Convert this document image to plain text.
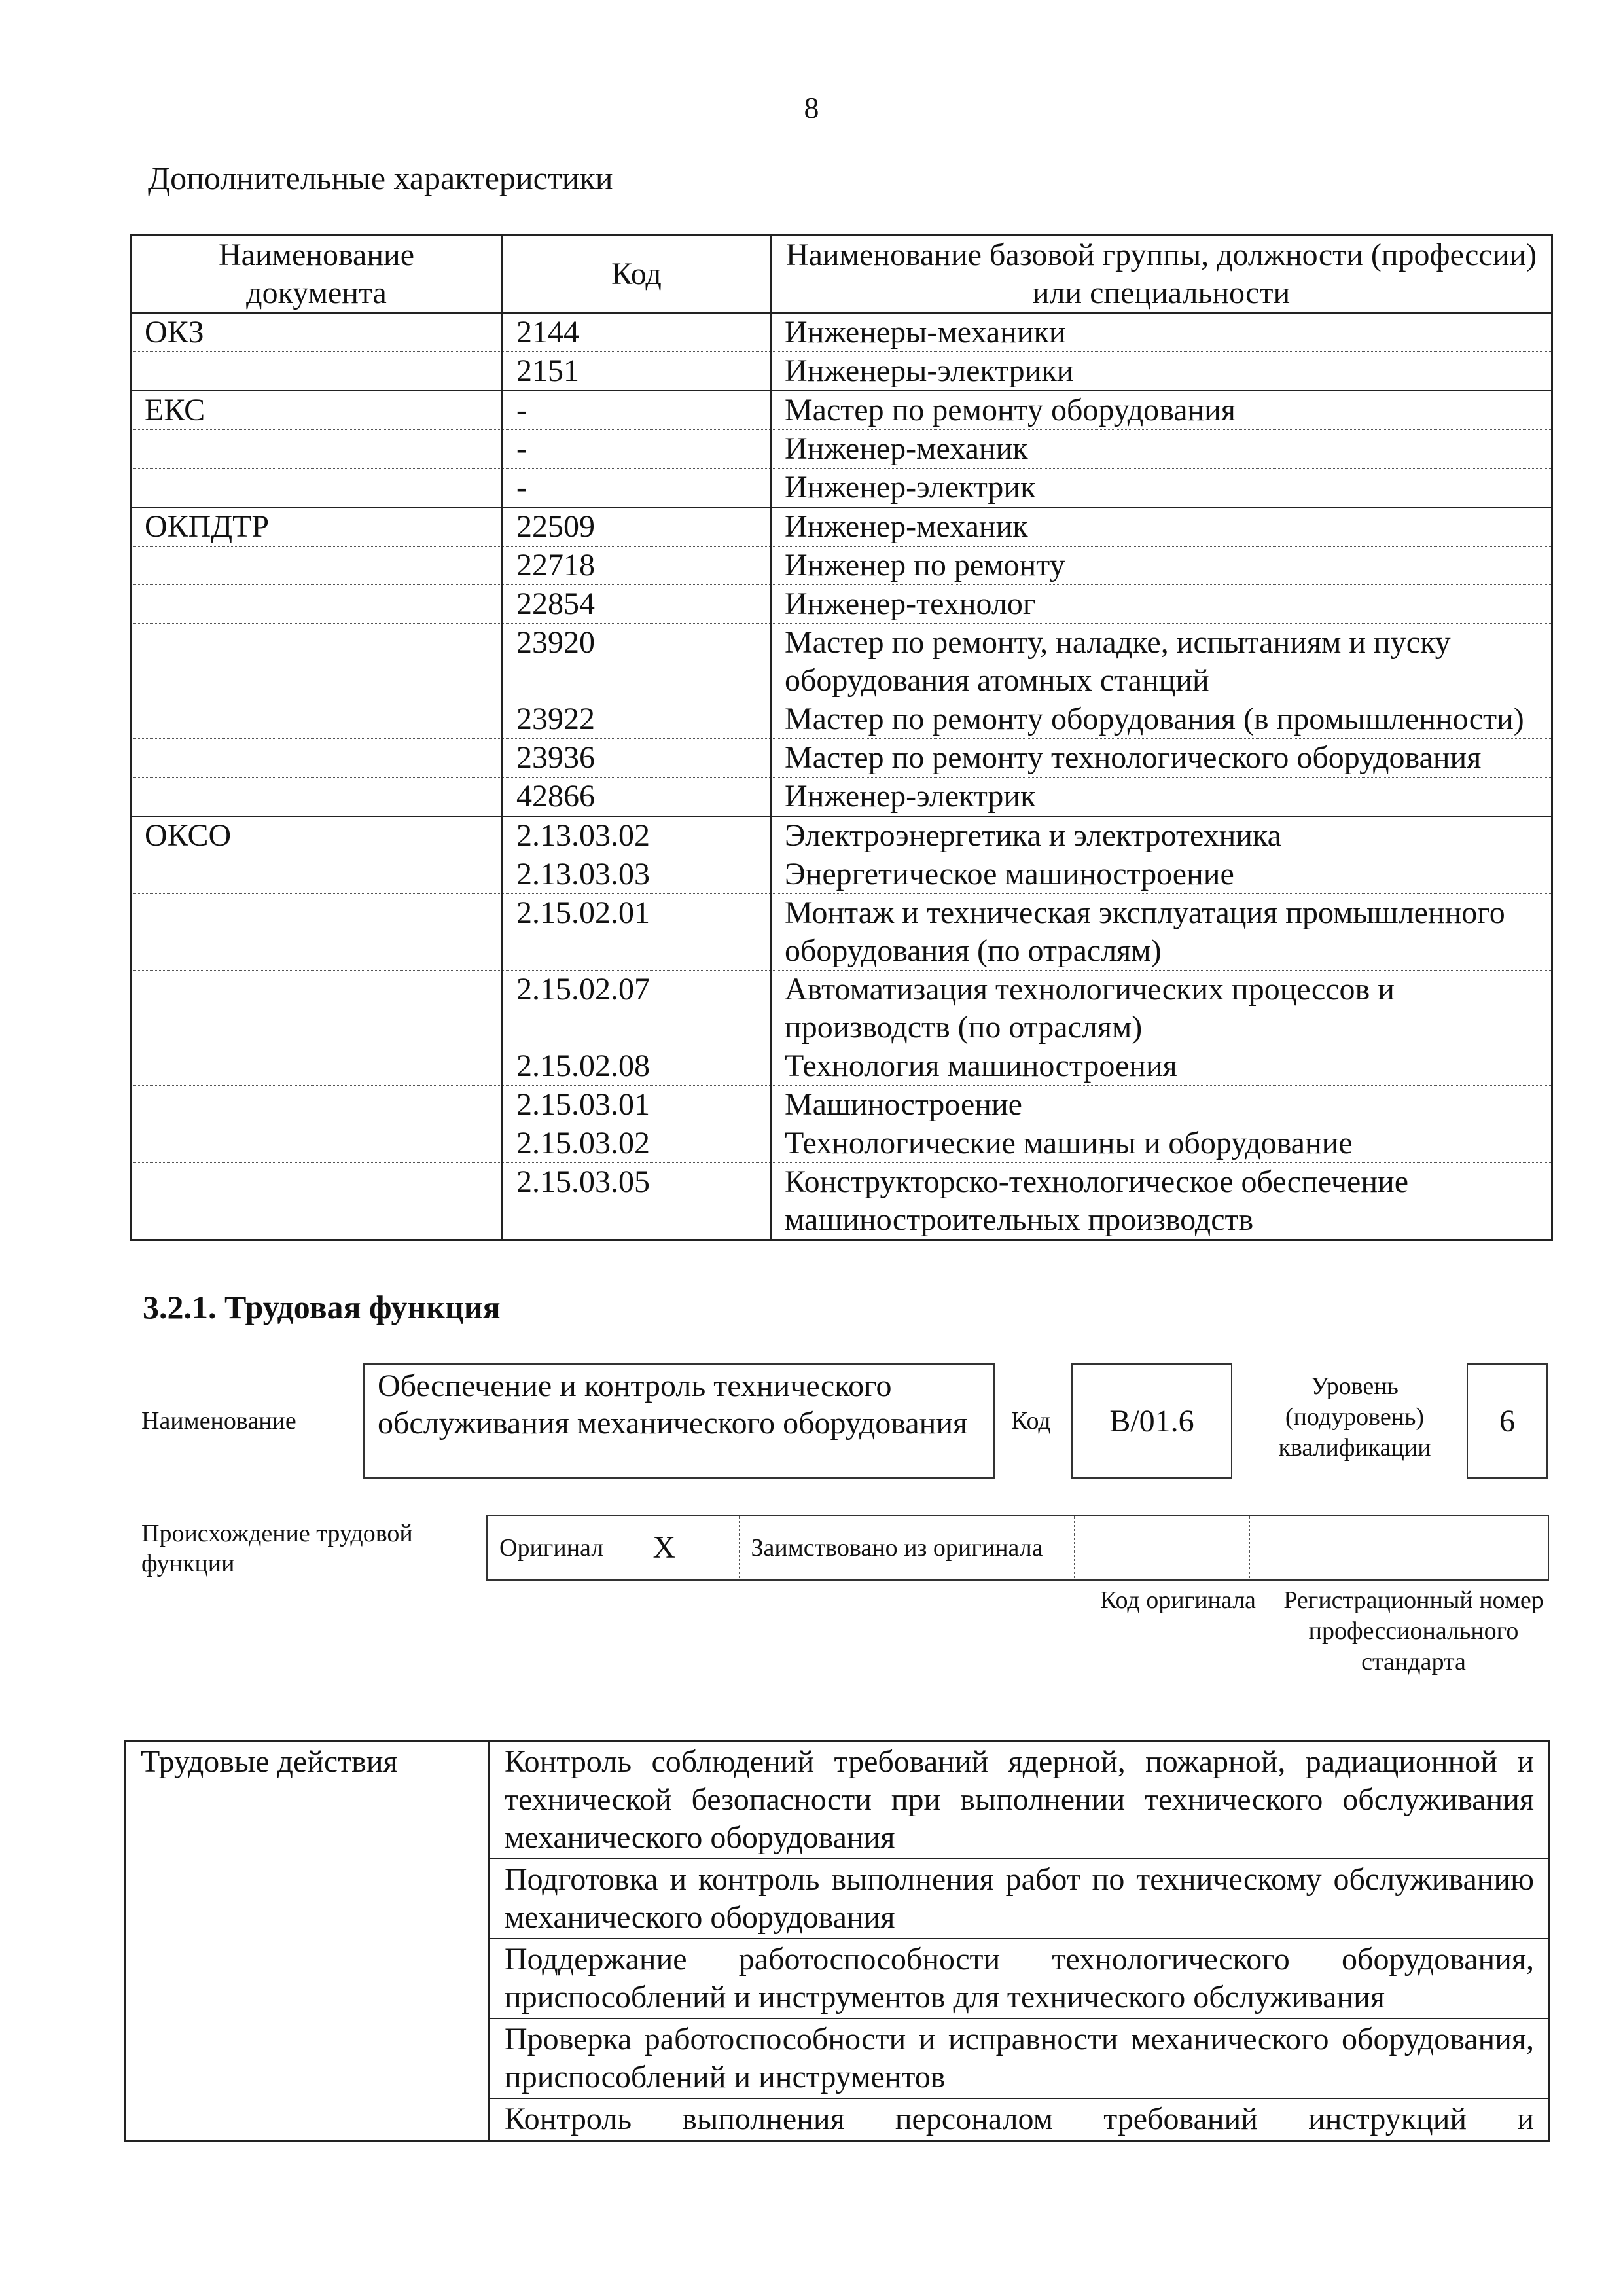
8
Дополнительные характеристики
Наименование документа	Код	Наименование базовой группы, должности (профессии) или специальности
ОКЗ	2144	Инженеры-механики
	2151	Инженеры-электрики
ЕКС	-	Мастер по ремонту оборудования
	-	Инженер-механик
	-	Инженер-электрик
ОКПДТР	22509	Инженер-механик
	22718	Инженер по ремонту
	22854	Инженер-технолог
	23920	Мастер по ремонту, наладке, испытаниям и пуску оборудования атомных станций
	23922	Мастер по ремонту оборудования (в промышленности)
	23936	Мастер по ремонту технологического оборудования
	42866	Инженер-электрик
ОКСО	2.13.03.02	Электроэнергетика и электротехника
	2.13.03.03	Энергетическое машиностроение
	2.15.02.01	Монтаж и техническая эксплуатация промышленного оборудования (по отраслям)
	2.15.02.07	Автоматизация технологических процессов и производств (по отраслям)
	2.15.02.08	Технология машиностроения
	2.15.03.01	Машиностроение
	2.15.03.02	Технологические машины и оборудование
	2.15.03.05	Конструкторско-технологическое обеспечение машиностроительных производств
3.2.1. Трудовая функция
Наименование
Обеспечение и контроль технического обслуживания механического оборудования	Код	B/01.6
Уровень (подуровень) квалификации
6
Происхождение трудовой функции
Оригинал	X	Заимствовано из оригинала		
Код оригинала	Регистрационный номер профессионального стандарта
Трудовые действия	Контроль соблюдений требований ядерной, пожарной, радиационной и технической безопасности при выполнении технического обслуживания механического оборудования
Подготовка и контроль выполнения работ по техническому обслуживанию механического оборудования
Поддержание работоспособности технологического оборудования, приспособлений и инструментов для технического обслуживания
Проверка работоспособности и исправности механического оборудования, приспособлений и инструментов
Контроль выполнения персоналом требований инструкций и
